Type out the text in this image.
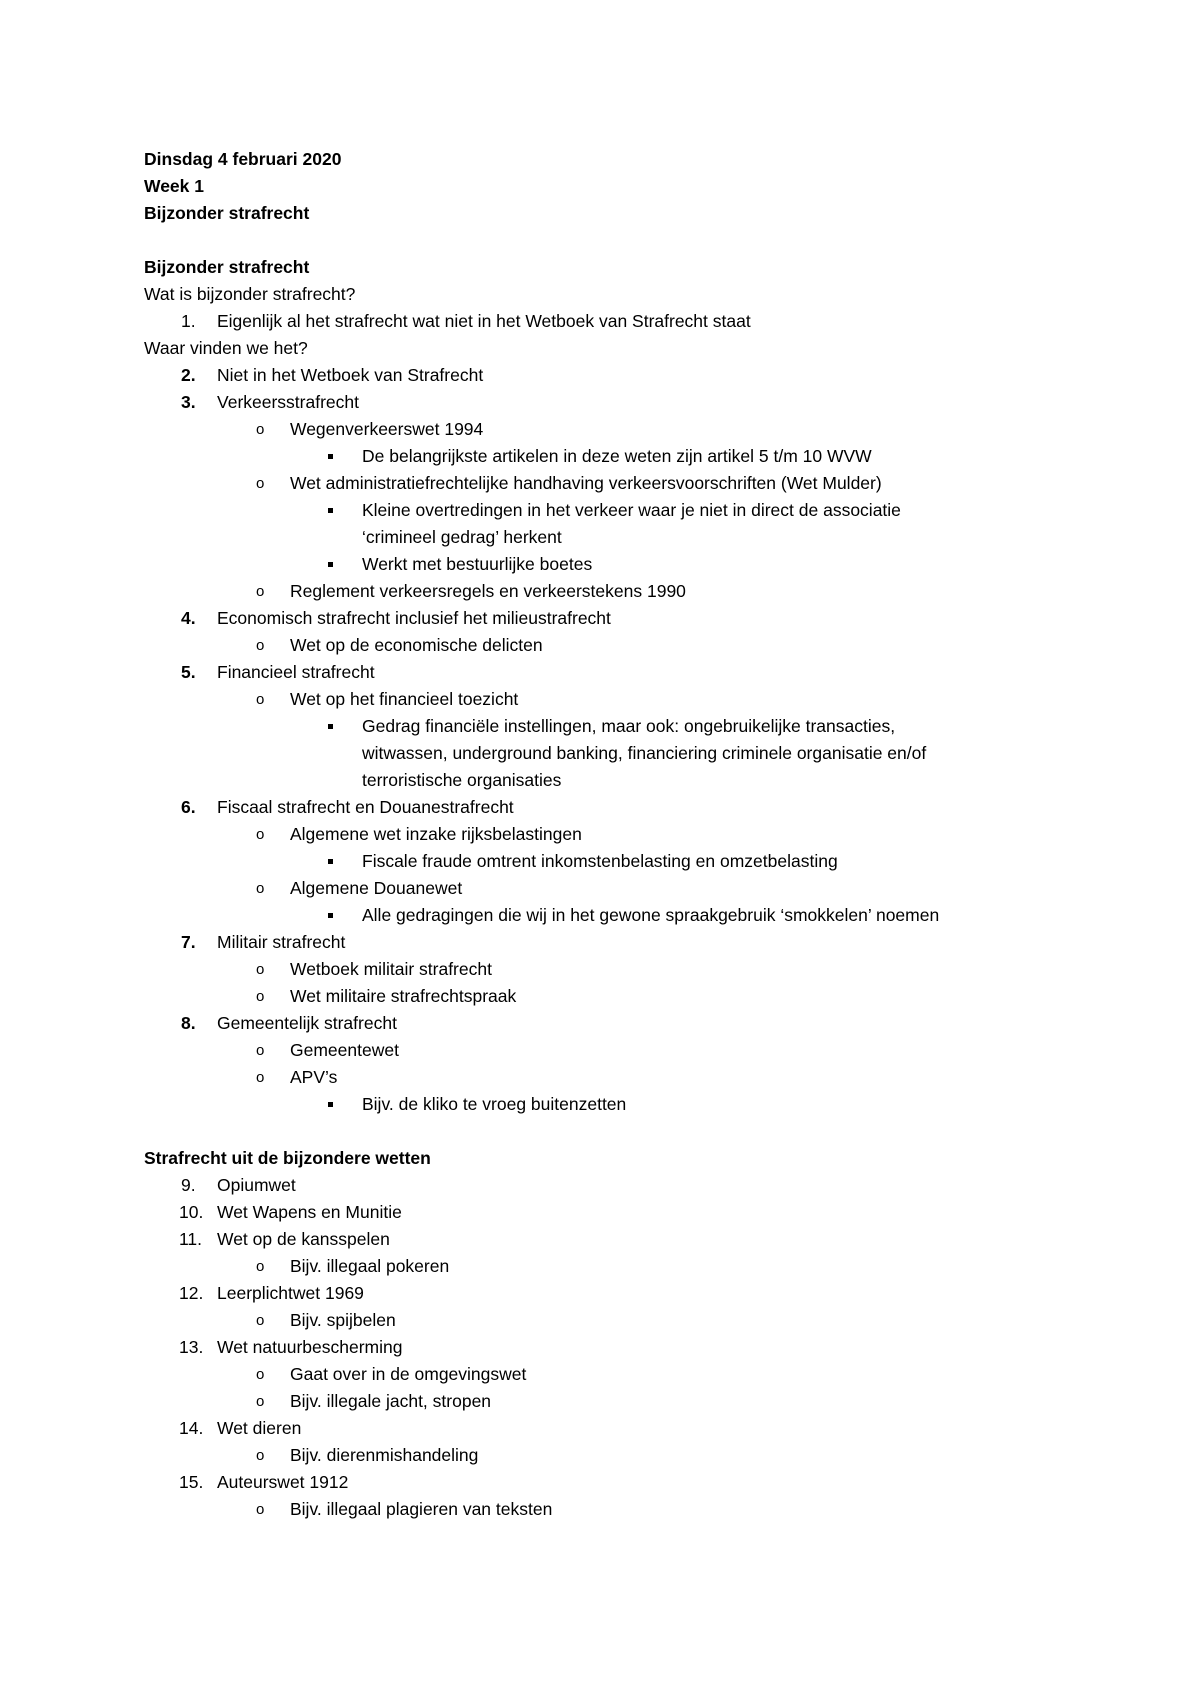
Dinsdag 4 februari 2020
Week 1
Bijzonder strafrecht
Bijzonder strafrecht
Wat is bijzonder strafrecht?
1. Eigenlijk al het strafrecht wat niet in het Wetboek van Strafrecht staat
Waar vinden we het?
2. Niet in het Wetboek van Strafrecht
3. Verkeersstrafrecht
o Wegenverkeerswet 1994
De belangrijkste artikelen in deze weten zijn artikel 5 t/m 10 WVW
o Wet administratiefrechtelijke handhaving verkeersvoorschriften (Wet Mulder)
Kleine overtredingen in het verkeer waar je niet in direct de associatie
‘crimineel gedrag’ herkent
Werkt met bestuurlijke boetes
o Reglement verkeersregels en verkeerstekens 1990
4. Economisch strafrecht inclusief het milieustrafrecht
o Wet op de economische delicten
5. Financieel strafrecht
o Wet op het financieel toezicht
Gedrag financiële instellingen, maar ook: ongebruikelijke transacties,
witwassen, underground banking, financiering criminele organisatie en/of
terroristische organisaties
6. Fiscaal strafrecht en Douanestrafrecht
o Algemene wet inzake rijksbelastingen
Fiscale fraude omtrent inkomstenbelasting en omzetbelasting
o Algemene Douanewet
Alle gedragingen die wij in het gewone spraakgebruik ‘smokkelen’ noemen
7. Militair strafrecht
o Wetboek militair strafrecht
o Wet militaire strafrechtspraak
8. Gemeentelijk strafrecht
o Gemeentewet
o APV’s
Bijv. de kliko te vroeg buitenzetten
Strafrecht uit de bijzondere wetten
9. Opiumwet
10. Wet Wapens en Munitie
11. Wet op de kansspelen
o Bijv. illegaal pokeren
12. Leerplichtwet 1969
o Bijv. spijbelen
13. Wet natuurbescherming
o Gaat over in de omgevingswet
o Bijv. illegale jacht, stropen
14. Wet dieren
o Bijv. dierenmishandeling
15. Auteurswet 1912
o Bijv. illegaal plagieren van teksten
